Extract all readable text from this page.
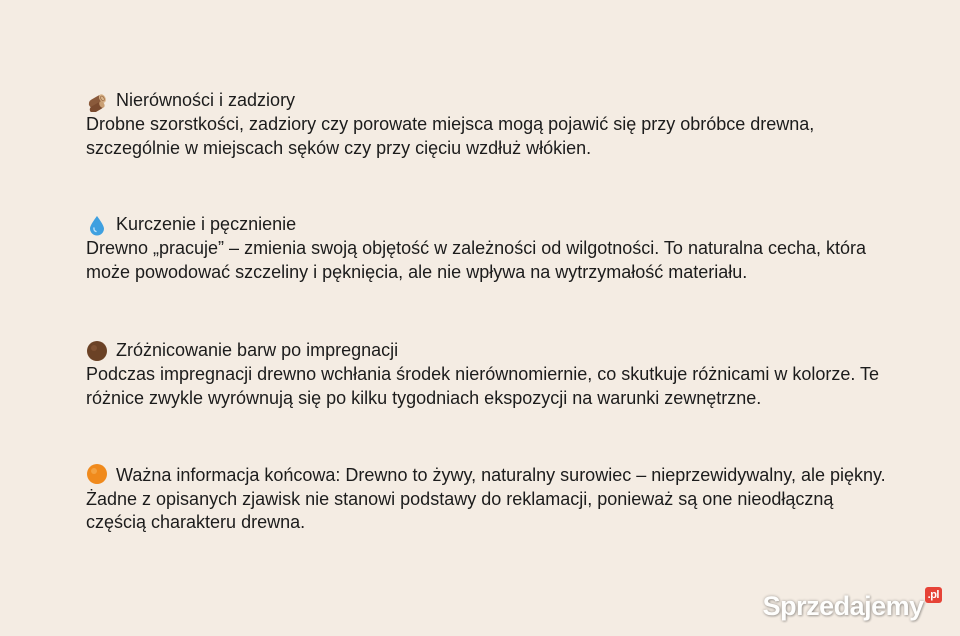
Nierówności i zadziory
Drobne szorstkości, zadziory czy porowate miejsca mogą pojawić się przy obróbce drewna, szczególnie w miejscach sęków czy przy cięciu wzdłuż włókien.
Kurczenie i pęcznienie
Drewno „pracuje” – zmienia swoją objętość w zależności od wilgotności. To naturalna cecha, która może powodować szczeliny i pęknięcia, ale nie wpływa na wytrzymałość materiału.
Zróżnicowanie barw po impregnacji
Podczas impregnacji drewno wchłania środek nierównomiernie, co skutkuje różnicami w kolorze. Te różnice zwykle wyrównują się po kilku tygodniach ekspozycji na warunki zewnętrzne.
Ważna informacja końcowa: Drewno to żywy, naturalny surowiec – nieprzewidywalny, ale piękny. Żadne z opisanych zjawisk nie stanowi podstawy do reklamacji, ponieważ są one nieodłączną częścią charakteru drewna.
Sprzedajemy .pl
